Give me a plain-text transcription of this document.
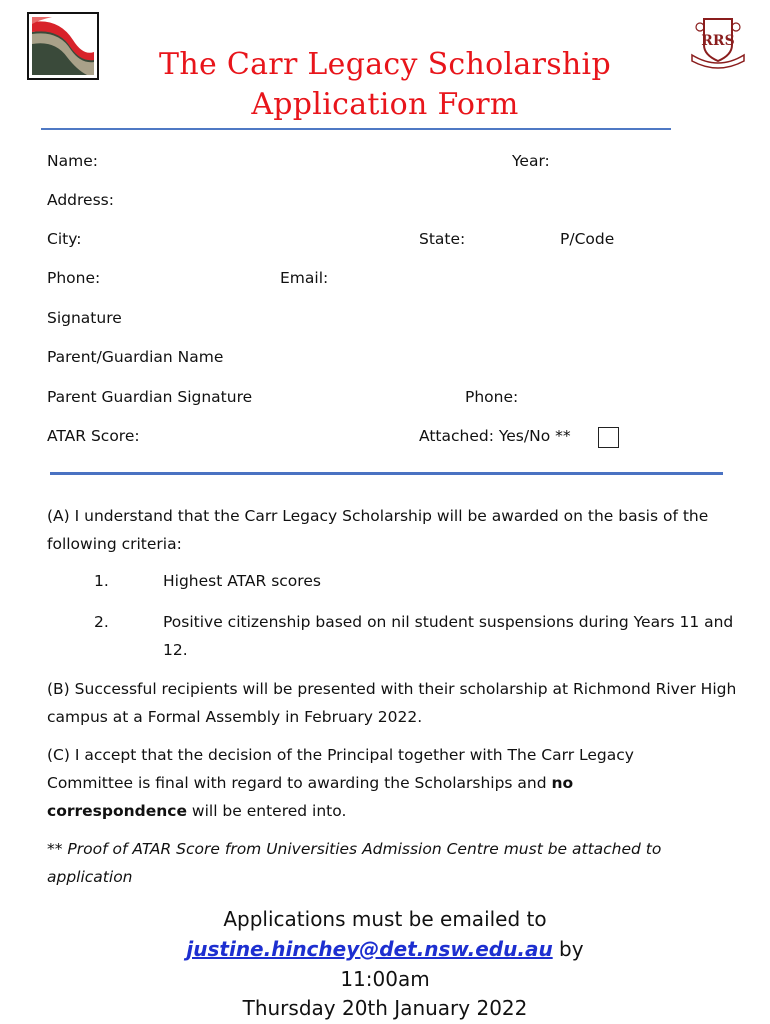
RRS
The Carr Legacy Scholarship
Application Form
Name:	Year:
Address:
City:	State:	P/Code
Phone:	Email:
Signature
Parent/Guardian Name
Parent Guardian Signature	Phone:
ATAR Score:	Attached: Yes/No **
(A) I understand that the Carr Legacy Scholarship will be awarded on the basis of the following criteria:
1.	Highest ATAR scores
2.	Positive citizenship based on nil student suspensions during Years 11 and 12.
(B) Successful recipients will be presented with their scholarship at Richmond River High campus at a Formal Assembly in February 2022.
(C) I accept that the decision of the Principal together with The Carr Legacy Committee is final with regard to awarding the Scholarships and no correspondence will be entered into.
** Proof of ATAR Score from Universities Admission Centre must be attached to application
Applications must be emailed to
justine.hinchey@det.nsw.edu.au by
11:00am
Thursday 20th January 2022
